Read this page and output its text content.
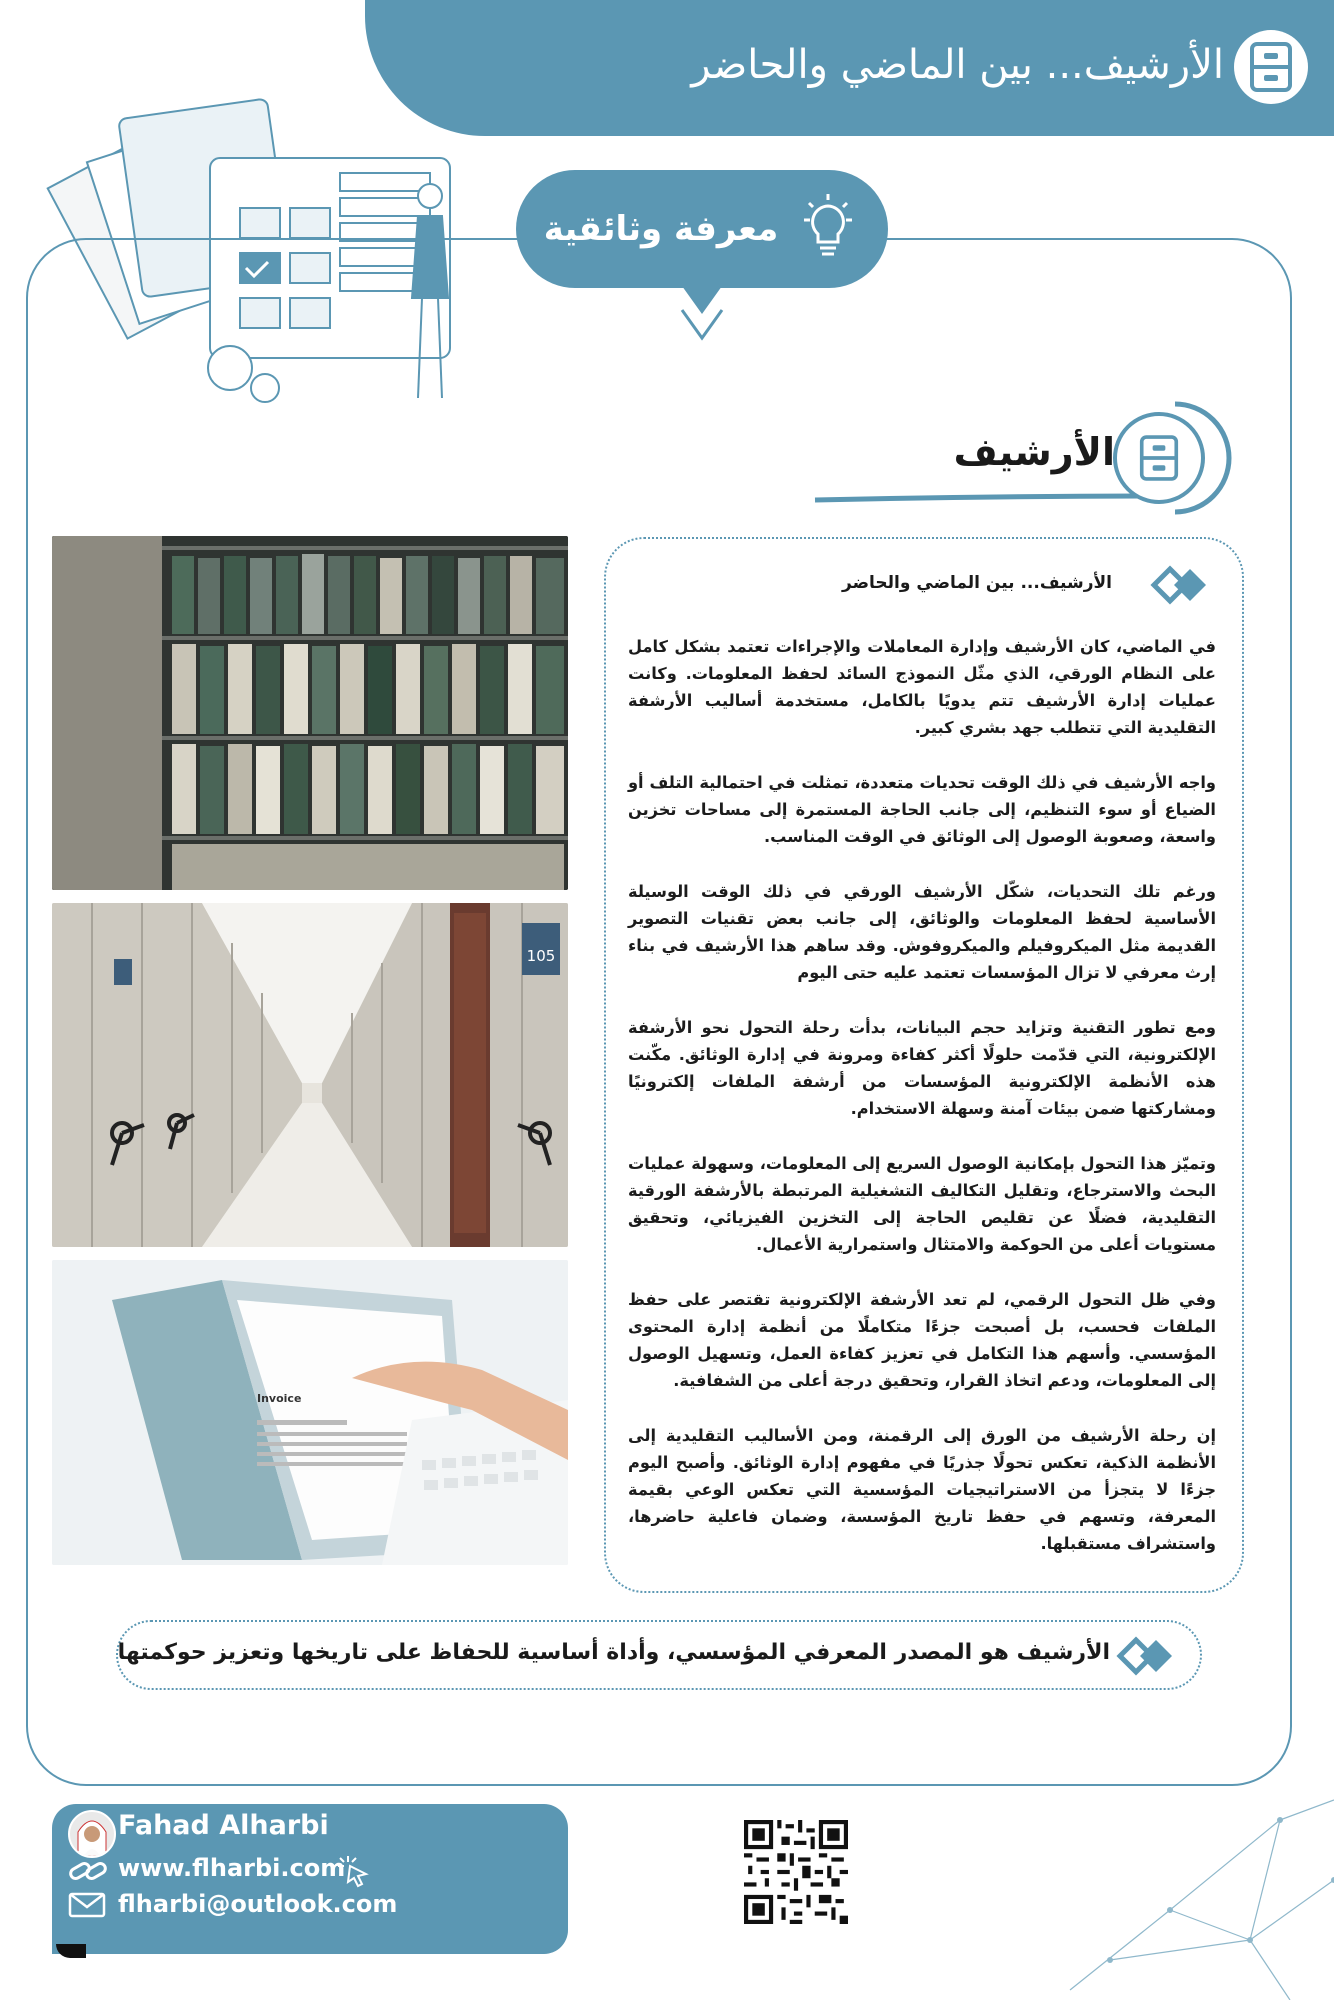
الأرشيف... بين الماضي والحاضر
معرفة وثائقية
الأرشيف
105
Invoice
الأرشيف... بين الماضي والحاضر

في الماضي، كان الأرشيف وإدارة المعاملات والإجراءات تعتمد بشكل كامل على النظام الورقي، الذي مثّل النموذج السائد لحفظ المعلومات. وكانت عمليات إدارة الأرشيف تتم يدويًا بالكامل، مستخدمة أساليب الأرشفة التقليدية التي تتطلب جهد بشري كبير.

واجه الأرشيف في ذلك الوقت تحديات متعددة، تمثلت في احتمالية التلف أو الضياع أو سوء التنظيم، إلى جانب الحاجة المستمرة إلى مساحات تخزين واسعة، وصعوبة الوصول إلى الوثائق في الوقت المناسب.

ورغم تلك التحديات، شكّل الأرشيف الورقي في ذلك الوقت الوسيلة الأساسية لحفظ المعلومات والوثائق، إلى جانب بعض تقنيات التصوير القديمة مثل الميكروفيلم والميكروفوش. وقد ساهم هذا الأرشيف في بناء إرث معرفي لا تزال المؤسسات تعتمد عليه حتى اليوم

ومع تطور التقنية وتزايد حجم البيانات، بدأت رحلة التحول نحو الأرشفة الإلكترونية، التي قدّمت حلولًا أكثر كفاءة ومرونة في إدارة الوثائق. مكّنت هذه الأنظمة الإلكترونية المؤسسات من أرشفة الملفات إلكترونيًا ومشاركتها ضمن بيئات آمنة وسهلة الاستخدام.

وتميّز هذا التحول بإمكانية الوصول السريع إلى المعلومات، وسهولة عمليات البحث والاسترجاع، وتقليل التكاليف التشغيلية المرتبطة بالأرشفة الورقية التقليدية، فضلًا عن تقليص الحاجة إلى التخزين الفيزيائي، وتحقيق مستويات أعلى من الحوكمة والامتثال واستمرارية الأعمال.

وفي ظل التحول الرقمي، لم تعد الأرشفة الإلكترونية تقتصر على حفظ الملفات فحسب، بل أصبحت جزءًا متكاملًا من أنظمة إدارة المحتوى المؤسسي. وأسهم هذا التكامل في تعزيز كفاءة العمل، وتسهيل الوصول إلى المعلومات، ودعم اتخاذ القرار، وتحقيق درجة أعلى من الشفافية.

إن رحلة الأرشيف من الورق إلى الرقمنة، ومن الأساليب التقليدية إلى الأنظمة الذكية، تعكس تحولًا جذريًا في مفهوم إدارة الوثائق. وأصبح اليوم جزءًا لا يتجزأ من الاستراتيجيات المؤسسية التي تعكس الوعي بقيمة المعرفة، وتسهم في حفظ تاريخ المؤسسة، وضمان فاعلية حاضرها، واستشراف مستقبلها.

الأرشيف هو المصدر المعرفي المؤسسي، وأداة أساسية للحفاظ على تاريخها وتعزيز حوكمتها
Fahad Alharbi
www.flharbi.com
flharbi@outlook.com
